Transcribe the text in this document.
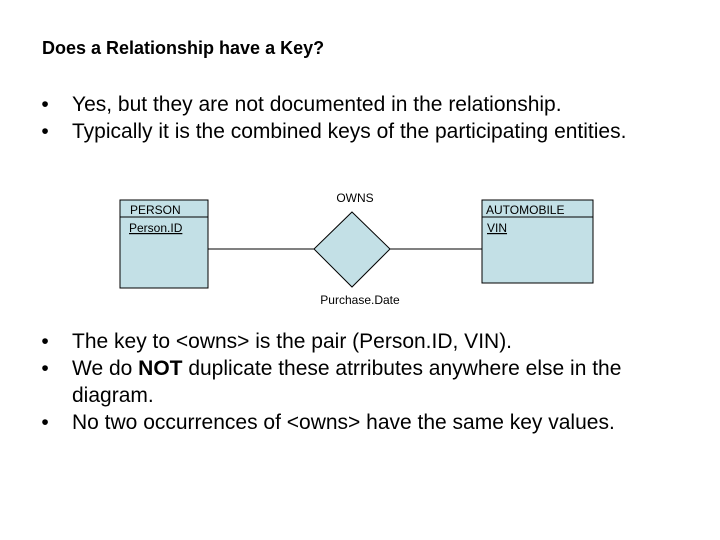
Does a Relationship have a Key?
•	Yes, but they are not documented in the relationship.
•	Typically it is the combined keys of the participating entities.
PERSON
Person.ID
OWNS
Purchase.Date
AUTOMOBILE
VIN
•	The key to <owns> is the pair (Person.ID, VIN).
•	We do NOT duplicate these atrributes anywhere else in the diagram.
•	No two occurrences of <owns> have the same key values.
